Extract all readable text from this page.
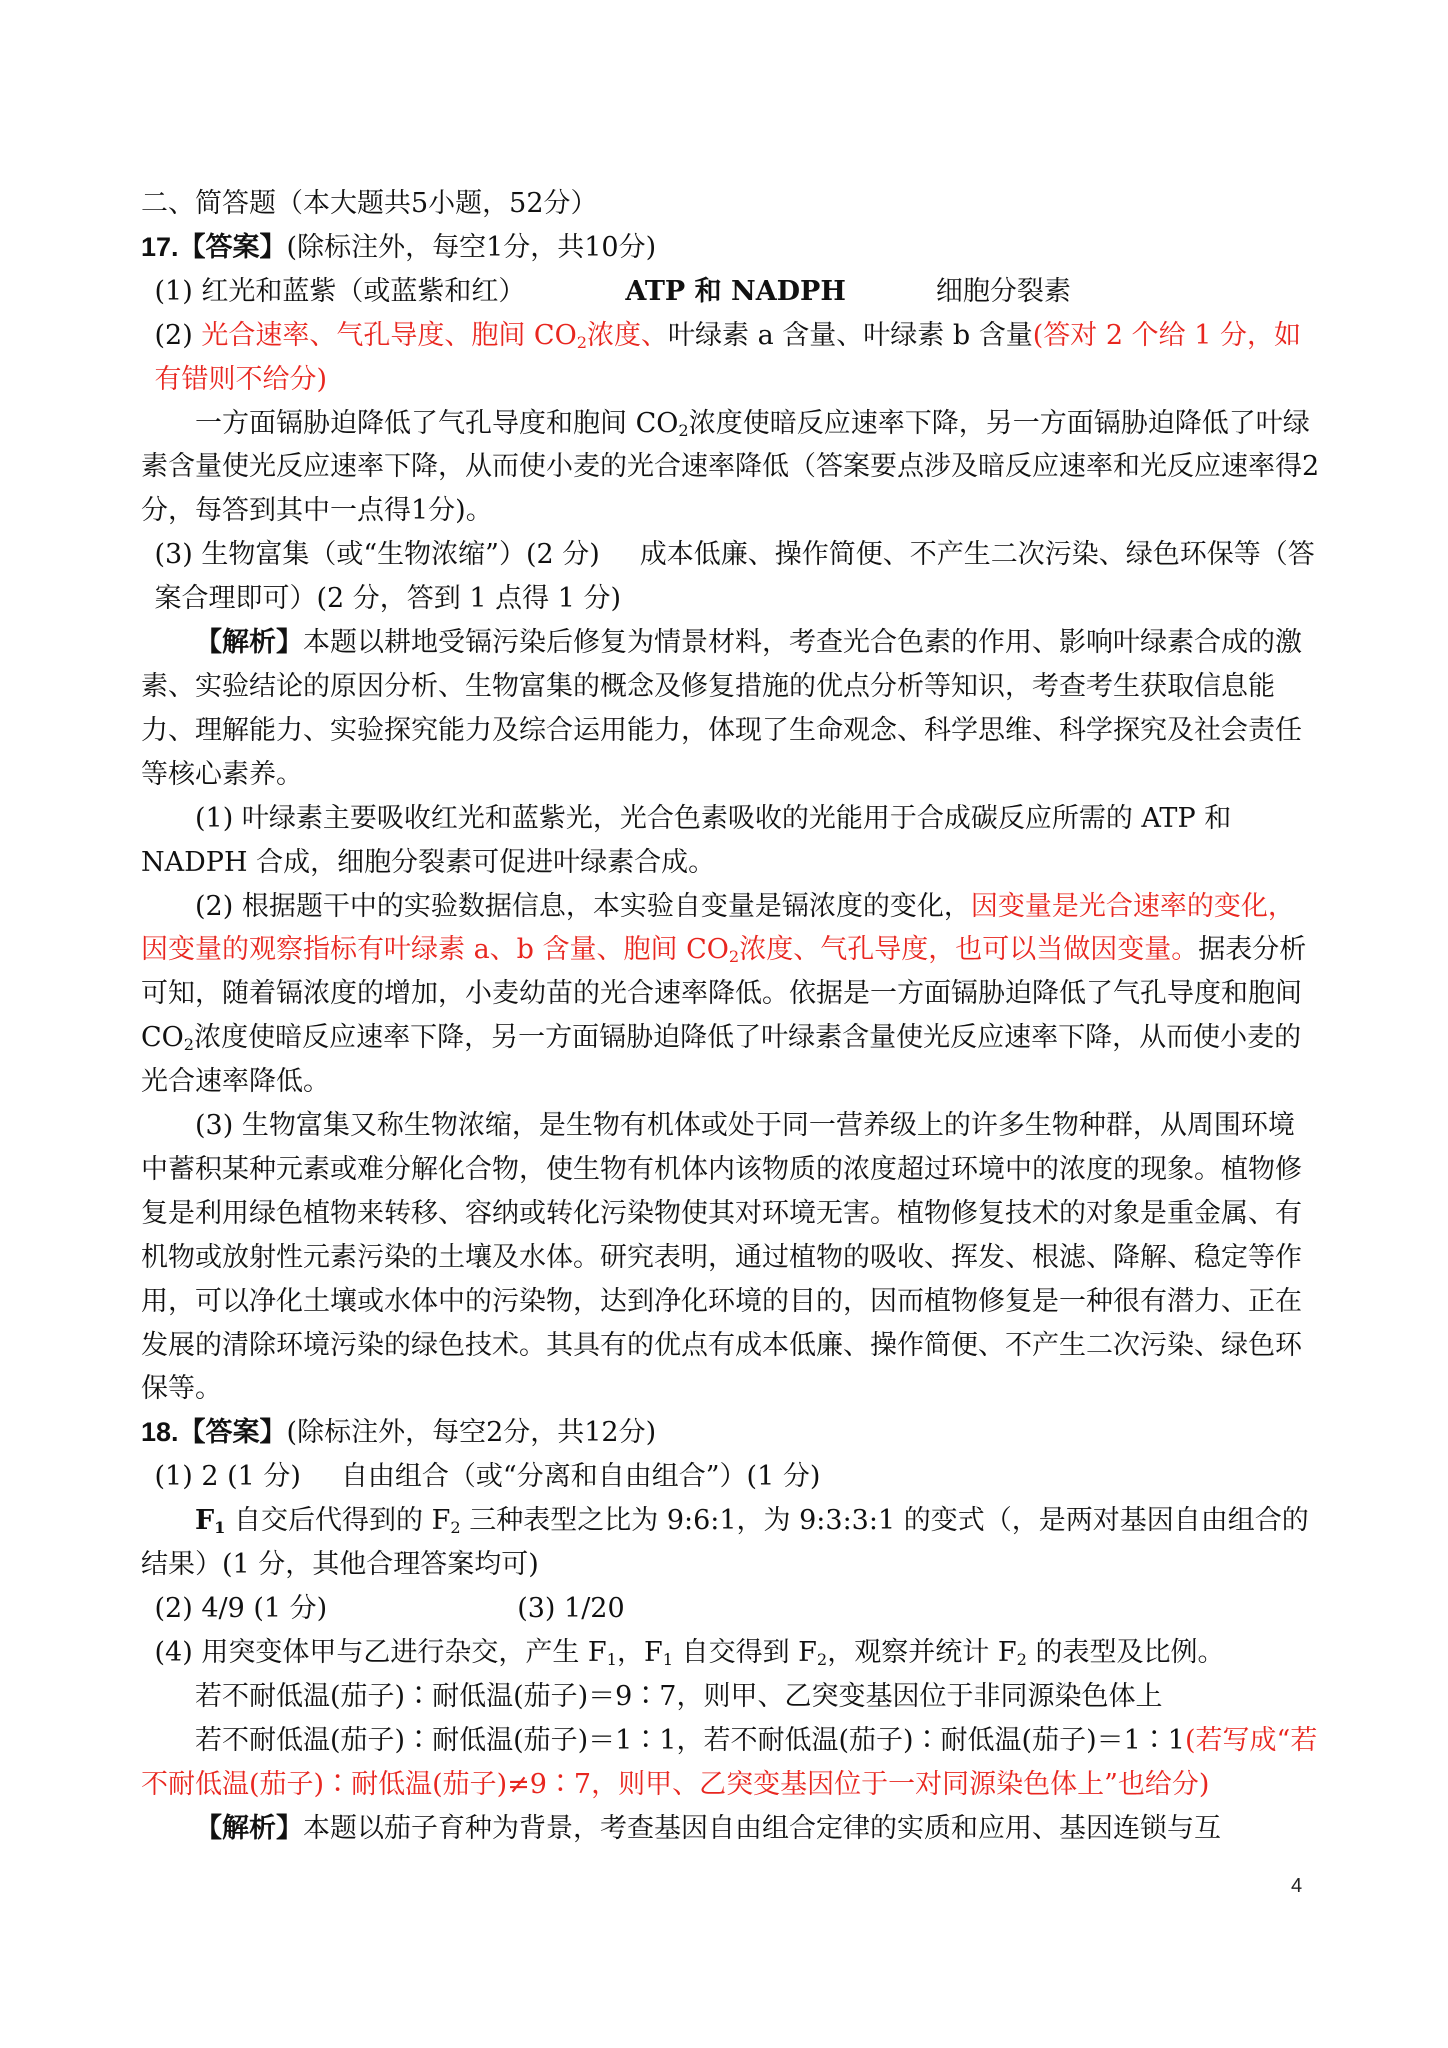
二、简答题（本大题共5小题，52分）

17.【答案】(除标注外，每空1分，共10分)

(1) 红光和蓝紫（或蓝紫和红）	ATP 和 NADPH	细胞分裂素

(2) 光合速率、气孔导度、胞间 $CO_2$浓度、叶绿素 a 含量、叶绿素 b 含量(答对 2 个给 1 分，如有错则不给分)

一方面镉胁迫降低了气孔导度和胞间 $CO_2$浓度使暗反应速率下降，另一方面镉胁迫降低了叶绿素含量使光反应速率下降，从而使小麦的光合速率降低（答案要点涉及暗反应速率和光反应速率得2分，每答到其中一点得1分)。

(3) 生物富集（或“生物浓缩”）(2 分) 成本低廉、操作简便、不产生二次污染、绿色环保等（答案合理即可）(2 分，答到 1 点得 1 分)

【解析】本题以耕地受镉污染后修复为情景材料，考查光合色素的作用、影响叶绿素合成的激素、实验结论的原因分析、生物富集的概念及修复措施的优点分析等知识，考查考生获取信息能力、理解能力、实验探究能力及综合运用能力，体现了生命观念、科学思维、科学探究及社会责任等核心素养。

(1) 叶绿素主要吸收红光和蓝紫光，光合色素吸收的光能用于合成碳反应所需的 ATP 和 NADPH 合成，细胞分裂素可促进叶绿素合成。

(2) 根据题干中的实验数据信息，本实验自变量是镉浓度的变化，因变量是光合速率的变化，因变量的观察指标有叶绿素 a、b 含量、胞间 $CO_2$浓度、气孔导度，也可以当做因变量。据表分析可知，随着镉浓度的增加，小麦幼苗的光合速率降低。依据是一方面镉胁迫降低了气孔导度和胞间 $CO_2$浓度使暗反应速率下降，另一方面镉胁迫降低了叶绿素含量使光反应速率下降，从而使小麦的光合速率降低。

(3) 生物富集又称生物浓缩，是生物有机体或处于同一营养级上的许多生物种群，从周围环境中蓄积某种元素或难分解化合物，使生物有机体内该物质的浓度超过环境中的浓度的现象。植物修复是利用绿色植物来转移、容纳或转化污染物使其对环境无害。植物修复技术的对象是重金属、有机物或放射性元素污染的土壤及水体。研究表明，通过植物的吸收、挥发、根滤、降解、稳定等作用，可以净化土壤或水体中的污染物，达到净化环境的目的，因而植物修复是一种很有潜力、正在发展的清除环境污染的绿色技术。其具有的优点有成本低廉、操作简便、不产生二次污染、绿色环保等。

18.【答案】(除标注外，每空2分，共12分)

(1) 2 (1 分) 自由组合（或“分离和自由组合”）(1 分)

$F_1$ 自交后代得到的 $F_2$ 三种表型之比为 9:6:1，为 9:3:3:1 的变式（，是两对基因自由组合的结果）(1 分，其他合理答案均可)

(2) 4/9 (1 分)	(3) 1/20

(4) 用突变体甲与乙进行杂交，产生 $F_1$，$F_1$ 自交得到 $F_2$，观察并统计 $F_2$ 的表型及比例。

若不耐低温(茄子)∶耐低温(茄子)＝9∶7，则甲、乙突变基因位于非同源染色体上

若不耐低温(茄子)∶耐低温(茄子)＝1∶1，若不耐低温(茄子)∶耐低温(茄子)＝1∶1(若写成“若不耐低温(茄子)∶耐低温(茄子)≠9∶7，则甲、乙突变基因位于一对同源染色体上”也给分)

【解析】本题以茄子育种为背景，考查基因自由组合定律的实质和应用、基因连锁与互

4
